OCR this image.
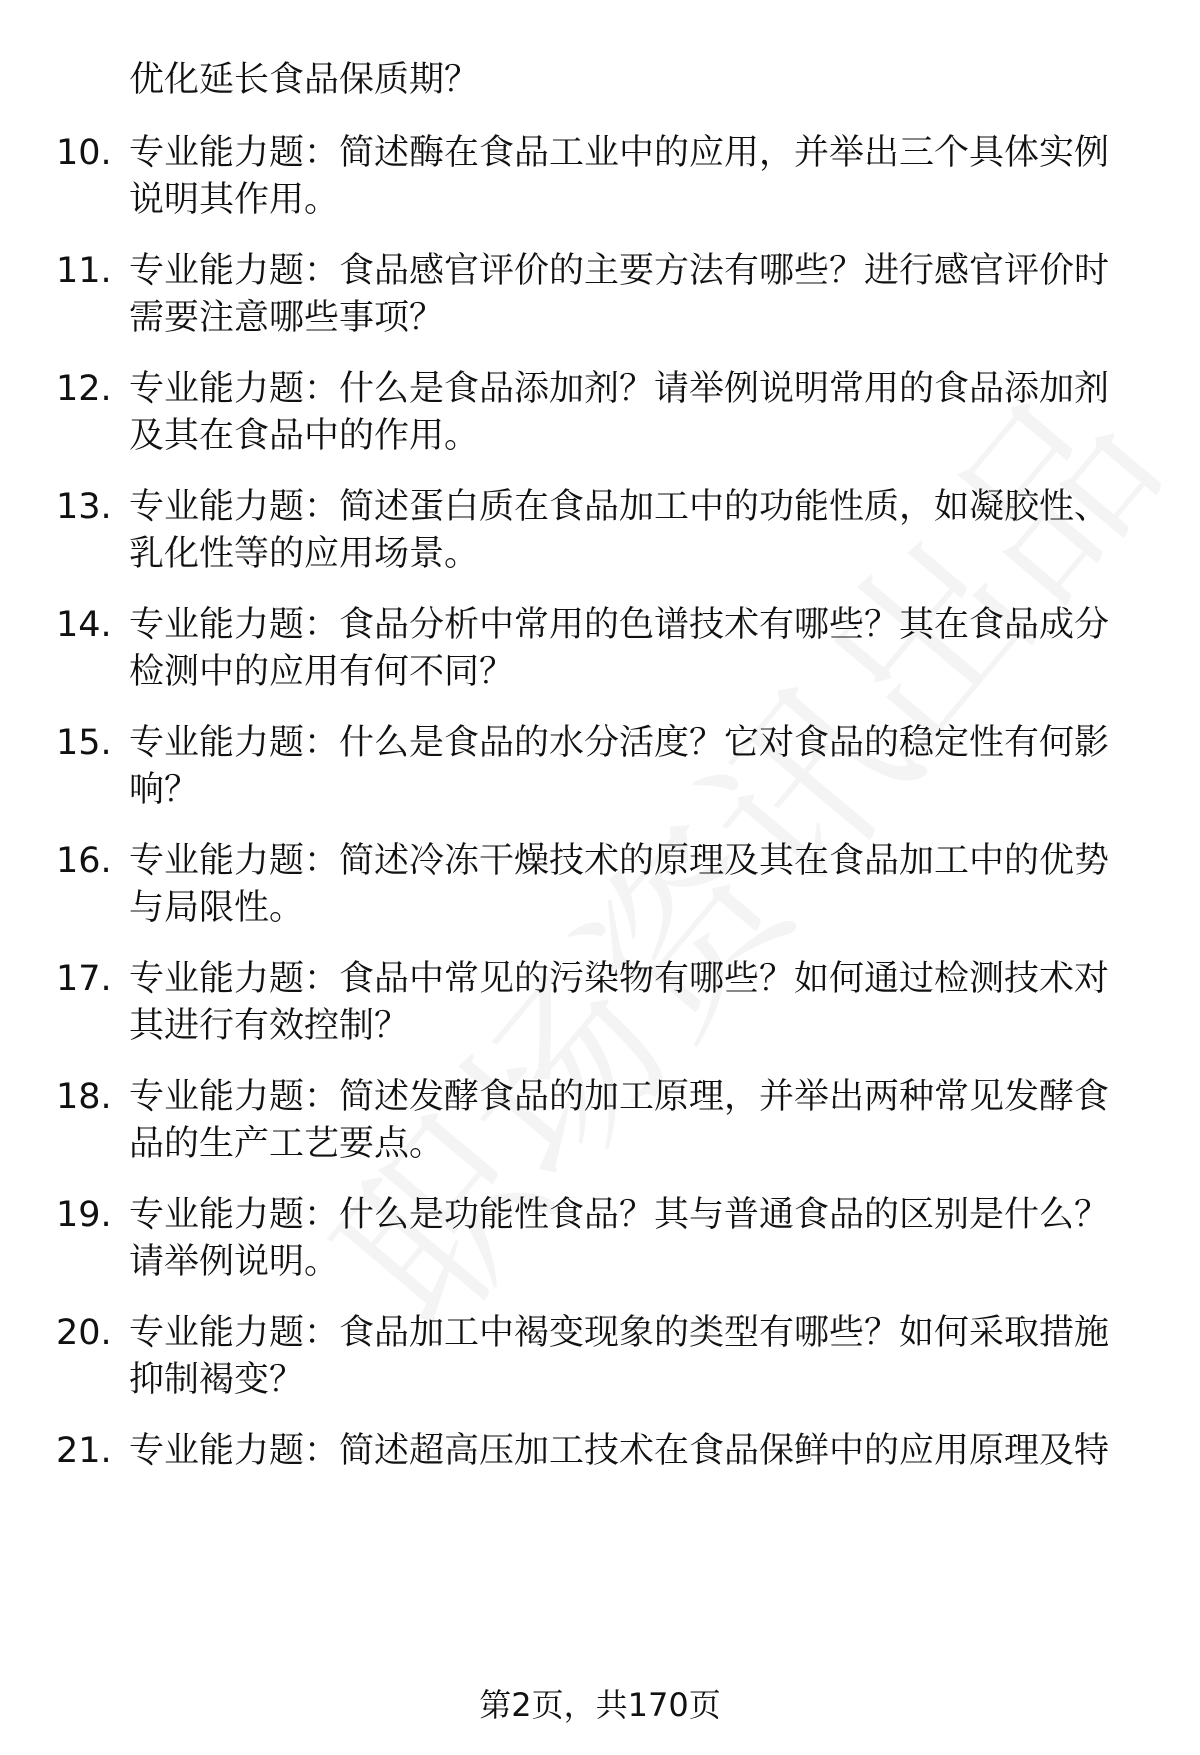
优化延长食品保质期？
10. 专业能力题：简述酶在食品工业中的应用，并举出三个具体实例
说明其作用。
11. 专业能力题：食品感官评价的主要方法有哪些？进行感官评价时
需要注意哪些事项？
12. 专业能力题：什么是食品添加剂？请举例说明常用的食品添加剂
及其在食品中的作用。
13. 专业能力题：简述蛋白质在食品加工中的功能性质，如凝胶性、
乳化性等的应用场景。
14. 专业能力题：食品分析中常用的色谱技术有哪些？其在食品成分
检测中的应用有何不同？
15. 专业能力题：什么是食品的水分活度？它对食品的稳定性有何影
响？
16. 专业能力题：简述冷冻干燥技术的原理及其在食品加工中的优势
与局限性。
17. 专业能力题：食品中常见的污染物有哪些？如何通过检测技术对
其进行有效控制？
18. 专业能力题：简述发酵食品的加工原理，并举出两种常见发酵食
品的生产工艺要点。
19. 专业能力题：什么是功能性食品？其与普通食品的区别是什么？
请举例说明。
20. 专业能力题：食品加工中褐变现象的类型有哪些？如何采取措施
抑制褐变？
21. 专业能力题：简述超高压加工技术在食品保鲜中的应用原理及特
第2页，共170页
